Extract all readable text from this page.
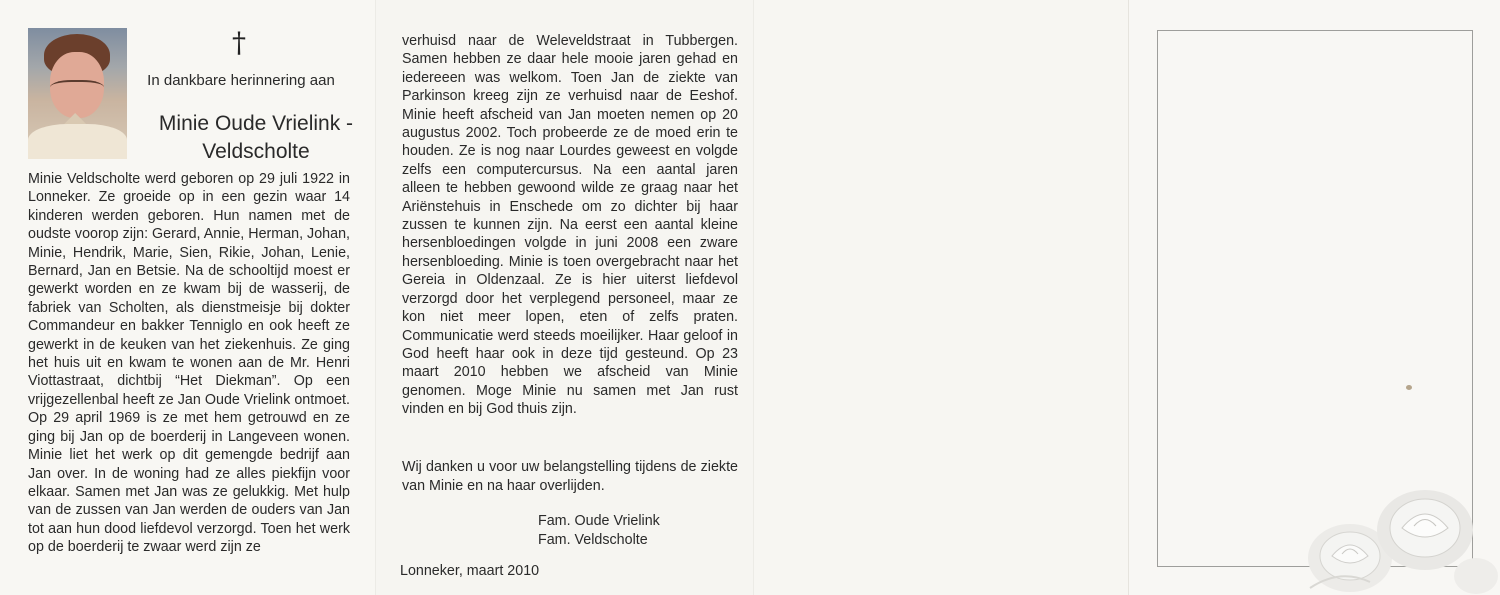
†
In dankbare herinnering aan
Minie Oude Vrielink -
Veldscholte
Minie Veldscholte werd geboren op 29 juli 1922 in Lonneker. Ze groeide op in een gezin waar 14 kinderen werden geboren. Hun namen met de oudste voorop zijn: Gerard, Annie, Herman, Johan, Minie, Hendrik, Marie, Sien, Rikie, Johan, Lenie, Bernard, Jan en Betsie. Na de schooltijd moest er gewerkt worden en ze kwam bij de wasserij, de fabriek van Scholten, als dienstmeisje bij dokter Commandeur en bakker Tenniglo en ook heeft ze gewerkt in de keuken van het ziekenhuis. Ze ging het huis uit en kwam te wonen aan de Mr. Henri Viottastraat, dichtbij “Het Diekman”. Op een vrijgezellenbal heeft ze Jan Oude Vrielink ontmoet. Op 29 april 1969 is ze met hem getrouwd en ze ging bij Jan op de boerderij in Langeveen wonen. Minie liet het werk op dit gemengde bedrijf aan Jan over. In de woning had ze alles piekfijn voor elkaar. Samen met Jan was ze gelukkig. Met hulp van de zussen van Jan werden de ouders van Jan tot aan hun dood liefdevol verzorgd. Toen het werk op de boerderij te zwaar werd zijn ze
verhuisd naar de Weleveldstraat in Tubbergen. Samen hebben ze daar hele mooie jaren gehad en iedereeen was welkom. Toen Jan de ziekte van Parkinson kreeg zijn ze verhuisd naar de Eeshof. Minie heeft afscheid van Jan moeten nemen op 20 augustus 2002. Toch probeerde ze de moed erin te houden. Ze is nog naar Lourdes geweest en volgde zelfs een computercursus. Na een aantal jaren alleen te hebben gewoond wilde ze graag naar het Ariënstehuis in Enschede om zo dichter bij haar zussen te kunnen zijn. Na eerst een aantal kleine hersenbloedingen volgde in juni 2008 een zware hersenbloeding. Minie is toen overgebracht naar het Gereia in Oldenzaal. Ze is hier uiterst liefdevol verzorgd door het verplegend personeel, maar ze kon niet meer lopen, eten of zelfs praten. Communicatie werd steeds moeilijker. Haar geloof in God heeft haar ook in deze tijd gesteund. Op 23 maart 2010 hebben we afscheid van Minie genomen. Moge Minie nu samen met Jan rust vinden en bij God thuis zijn.
Wij danken u voor uw belangstelling tijdens de ziekte van Minie en na haar overlijden.
Fam. Oude Vrielink
Fam. Veldscholte
Lonneker, maart 2010
